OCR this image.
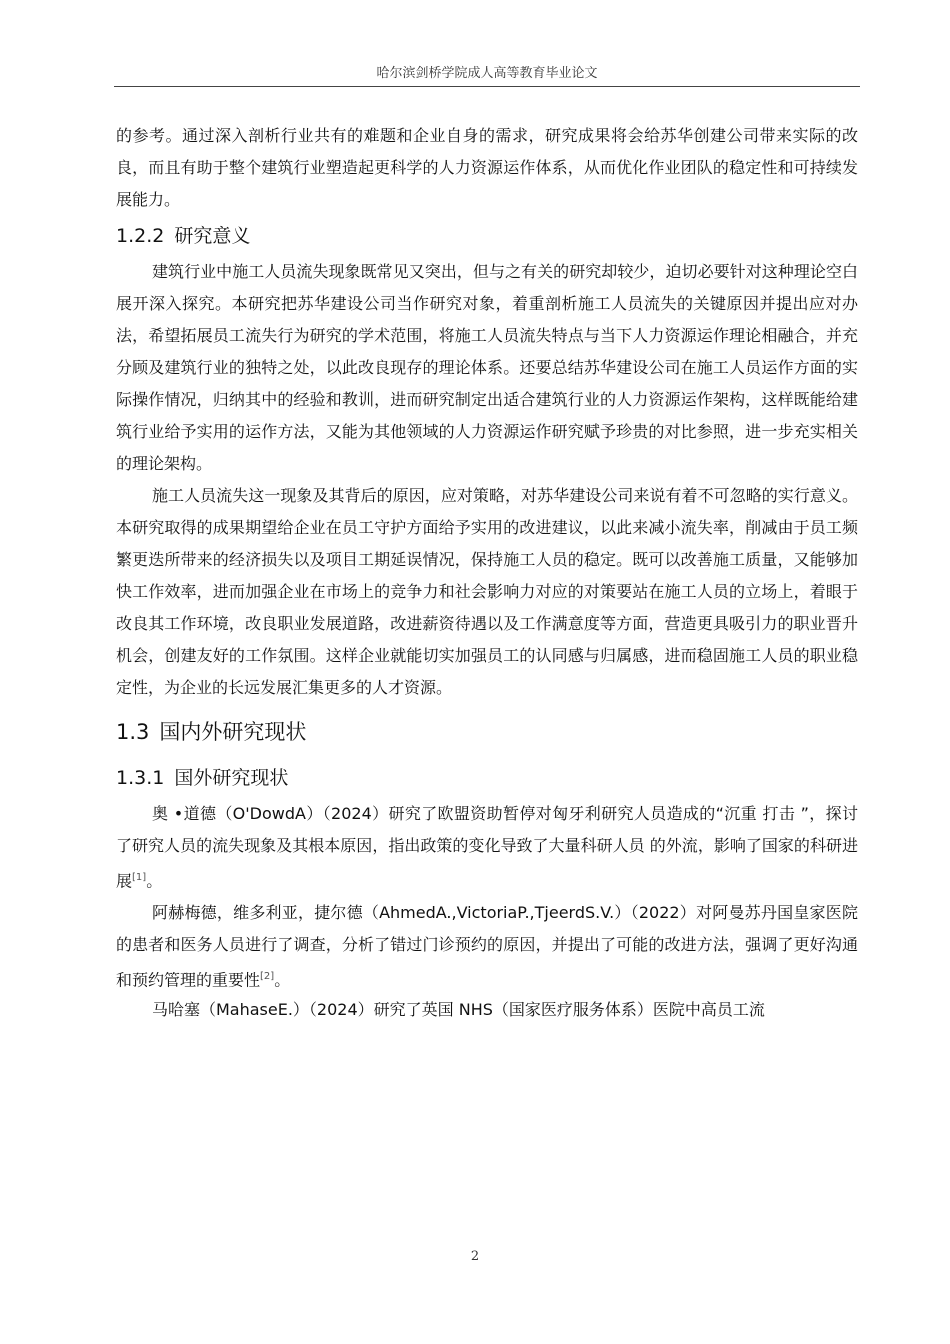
哈尔滨剑桥学院成人高等教育毕业论文

的参考。通过深入剖析行业共有的难题和企业自身的需求，研究成果将会给苏华创建公司带来实际的改良，而且有助于整个建筑行业塑造起更科学的人力资源运作体系，从而优化作业团队的稳定性和可持续发展能力。

1.2.2 研究意义

建筑行业中施工人员流失现象既常见又突出，但与之有关的研究却较少，迫切必要针对这种理论空白展开深入探究。本研究把苏华建设公司当作研究对象，着重剖析施工人员流失的关键原因并提出应对办法，希望拓展员工流失行为研究的学术范围，将施工人员流失特点与当下人力资源运作理论相融合，并充分顾及建筑行业的独特之处，以此改良现存的理论体系。还要总结苏华建设公司在施工人员运作方面的实际操作情况，归纳其中的经验和教训，进而研究制定出适合建筑行业的人力资源运作架构，这样既能给建筑行业给予实用的运作方法，又能为其他领域的人力资源运作研究赋予珍贵的对比参照，进一步充实相关的理论架构。

施工人员流失这一现象及其背后的原因，应对策略，对苏华建设公司来说有着不可忽略的实行意义。本研究取得的成果期望给企业在员工守护方面给予实用的改进建议，以此来减小流失率，削减由于员工频繁更迭所带来的经济损失以及项目工期延误情况，保持施工人员的稳定。既可以改善施工质量，又能够加快工作效率，进而加强企业在市场上的竞争力和社会影响力对应的对策要站在施工人员的立场上，着眼于改良其工作环境，改良职业发展道路，改进薪资待遇以及工作满意度等方面，营造更具吸引力的职业晋升机会，创建友好的工作氛围。这样企业就能切实加强员工的认同感与归属感，进而稳固施工人员的职业稳定性，为企业的长远发展汇集更多的人才资源。

1.3 国内外研究现状
1.3.1 国外研究现状

奥 •道德（O'DowdA）（2024）研究了欧盟资助暂停对匈牙利研究人员造成的“沉重 打击 ”，探讨了研究人员的流失现象及其根本原因，指出政策的变化导致了大量科研人员 的外流，影响了国家的科研进展[1]。

阿赫梅德，维多利亚，捷尔德（AhmedA.,VictoriaP.,TjeerdS.V.）（2022）对阿曼苏丹国皇家医院的患者和医务人员进行了调查，分析了错过门诊预约的原因，并提出了可能的改进方法，强调了更好沟通和预约管理的重要性[2]。

马哈塞（MahaseE.）（2024）研究了英国 NHS（国家医疗服务体系）医院中高员工流

2
